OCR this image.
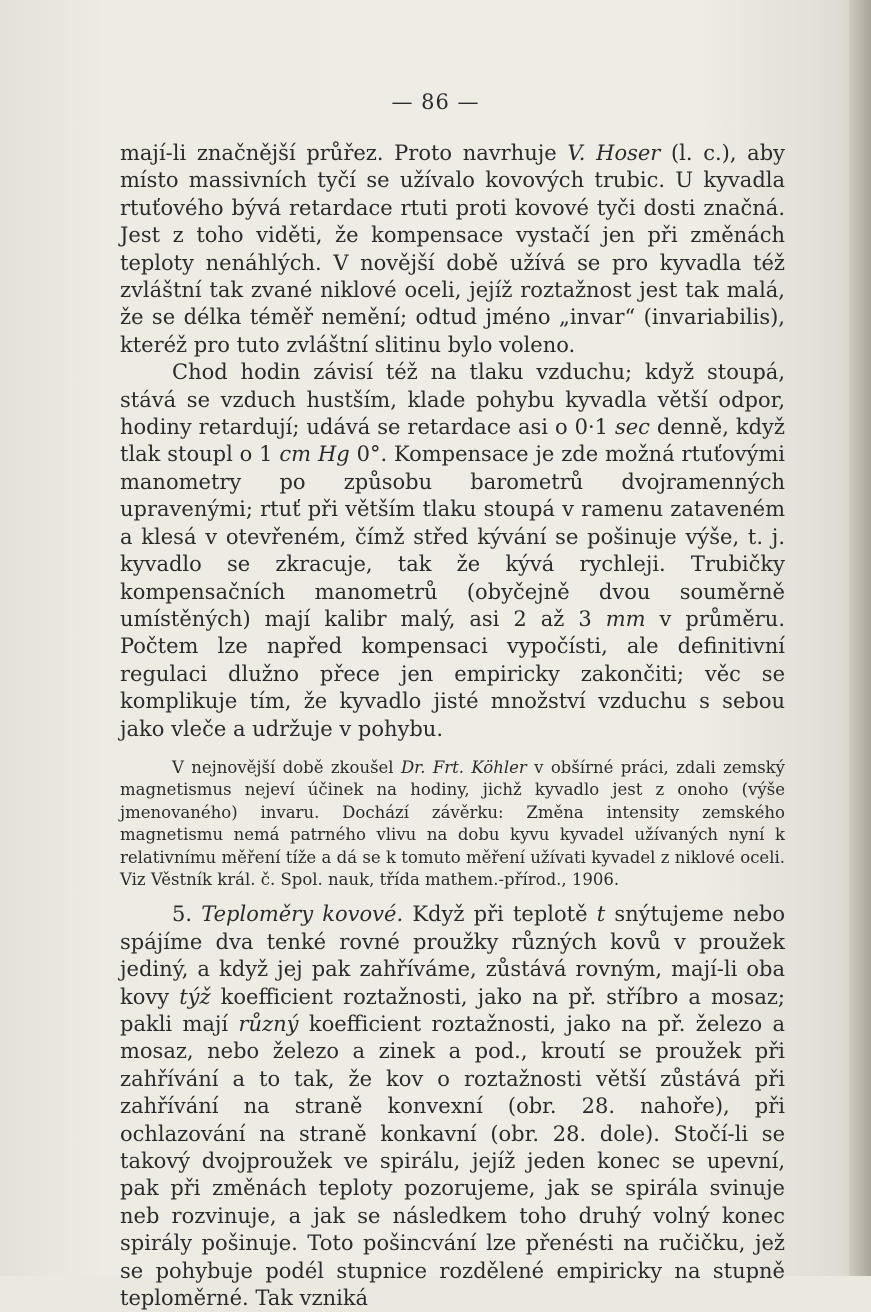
— 86 —

mají-li značnější průřez. Proto navrhuje V. Hoser (l. c.), aby místo massivních tyčí se užívalo kovových trubic. U kyvadla rtuťového bývá retardace rtuti proti kovové tyči dosti značná. Jest z toho viděti, že kompensace vystačí jen při změnách teploty nenáhlých. V novější době užívá se pro kyvadla též zvláštní tak zvané niklové oceli, jejíž roztažnost jest tak malá, že se délka téměř nemění; odtud jméno „invar“ (invariabilis), kteréž pro tuto zvláštní slitinu bylo voleno.

Chod hodin závisí též na tlaku vzduchu; když stoupá, stává se vzduch hustším, klade pohybu kyvadla větší odpor, hodiny retardují; udává se retardace asi o 0·1 sec denně, když tlak stoupl o 1 cm Hg 0°. Kompensace je zde možná rtuťovými manometry po způsobu barometrů dvojramenných upravenými; rtuť při větším tlaku stoupá v ramenu zataveném a klesá v otevřeném, čímž střed kývání se pošinuje výše, t. j. kyvadlo se zkracuje, tak že kývá rychleji. Trubičky kompensačních manometrů (obyčejně dvou souměrně umístěných) mají kalibr malý, asi 2 až 3 mm v průměru. Počtem lze napřed kompensaci vypočísti, ale definitivní regulaci dlužno přece jen empiricky zakončiti; věc se komplikuje tím, že kyvadlo jisté množství vzduchu s sebou jako vleče a udržuje v pohybu.

V nejnovější době zkoušel Dr. Frt. Köhler v obšírné práci, zdali zemský magnetismus nejeví účinek na hodiny, jichž kyvadlo jest z onoho (výše jmenovaného) invaru. Dochází závěrku: Změna intensity zemského magnetismu nemá patrného vlivu na dobu kyvu kyvadel užívaných nyní k relativnímu měření tíže a dá se k tomuto měření užívati kyvadel z niklové oceli. Viz Věstník král. č. Spol. nauk, třída mathem.-přírod., 1906.

5. Teploměry kovové. Když při teplotě t snýtujeme nebo spájíme dva tenké rovné proužky různých kovů v proužek jediný, a když jej pak zahříváme, zůstává rovným, mají-li oba kovy týž koefficient roztažnosti, jako na př. stříbro a mosaz; pakli mají různý koefficient roztažnosti, jako na př. železo a mosaz, nebo železo a zinek a pod., kroutí se proužek při zahřívání a to tak, že kov o roztažnosti větší zůstává při zahřívání na straně konvexní (obr. 28. nahoře), při ochlazování na straně konkavní (obr. 28. dole). Stočí-li se takový dvojproužek ve spirálu, jejíž jeden konec se upevní, pak při změnách teploty pozorujeme, jak se spirála svinuje neb rozvinuje, a jak se následkem toho druhý volný konec spirály pošinuje. Toto pošincvání lze přenésti na ručičku, jež se pohybuje podél stupnice rozdělené empiricky na stupně teploměrné. Tak vzniká
